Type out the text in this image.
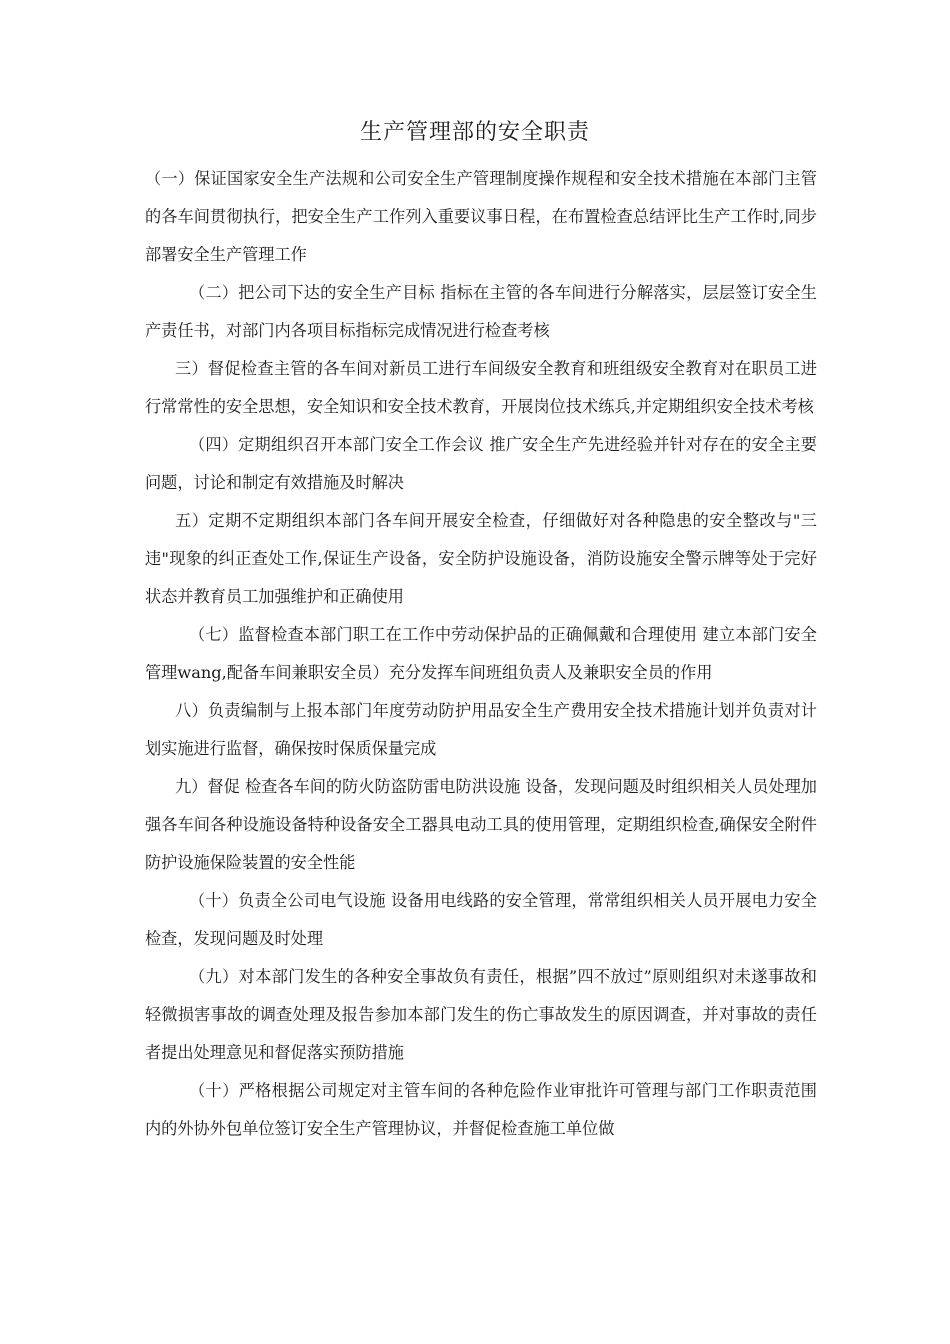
生产管理部的安全职责

（一）保证国家安全生产法规和公司安全生产管理制度操作规程和安全技术措施在本部门主管的各车间贯彻执行，把安全生产工作列入重要议事日程，在布置检查总结评比生产工作时,同步部署安全生产管理工作

（二）把公司下达的安全生产目标 指标在主管的各车间进行分解落实，层层签订安全生产责任书，对部门内各项目标指标完成情况进行检查考核

三）督促检查主管的各车间对新员工进行车间级安全教育和班组级安全教育对在职员工进行常常性的安全思想，安全知识和安全技术教育，开展岗位技术练兵,并定期组织安全技术考核

（四）定期组织召开本部门安全工作会议 推广安全生产先进经验并针对存在的安全主要问题，讨论和制定有效措施及时解决

五）定期不定期组织本部门各车间开展安全检查，仔细做好对各种隐患的安全整改与"三违"现象的纠正查处工作,保证生产设备，安全防护设施设备，消防设施安全警示牌等处于完好状态并教育员工加强维护和正确使用

（七）监督检查本部门职工在工作中劳动保护品的正确佩戴和合理使用 建立本部门安全管理wang,配备车间兼职安全员）充分发挥车间班组负责人及兼职安全员的作用

八）负责编制与上报本部门年度劳动防护用品安全生产费用安全技术措施计划并负责对计划实施进行监督，确保按时保质保量完成

九）督促 检查各车间的防火防盗防雷电防洪设施 设备，发现问题及时组织相关人员处理加强各车间各种设施设备特种设备安全工器具电动工具的使用管理，定期组织检查,确保安全附件防护设施保险装置的安全性能

（十）负责全公司电气设施 设备用电线路的安全管理，常常组织相关人员开展电力安全检查，发现问题及时处理

（九）对本部门发生的各种安全事故负有责任，根据”四不放过”原则组织对未遂事故和轻微损害事故的调查处理及报告参加本部门发生的伤亡事故发生的原因调查，并对事故的责任者提出处理意见和督促落实预防措施

（十）严格根据公司规定对主管车间的各种危险作业审批许可管理与部门工作职责范围内的外协外包单位签订安全生产管理协议，并督促检查施工单位做
